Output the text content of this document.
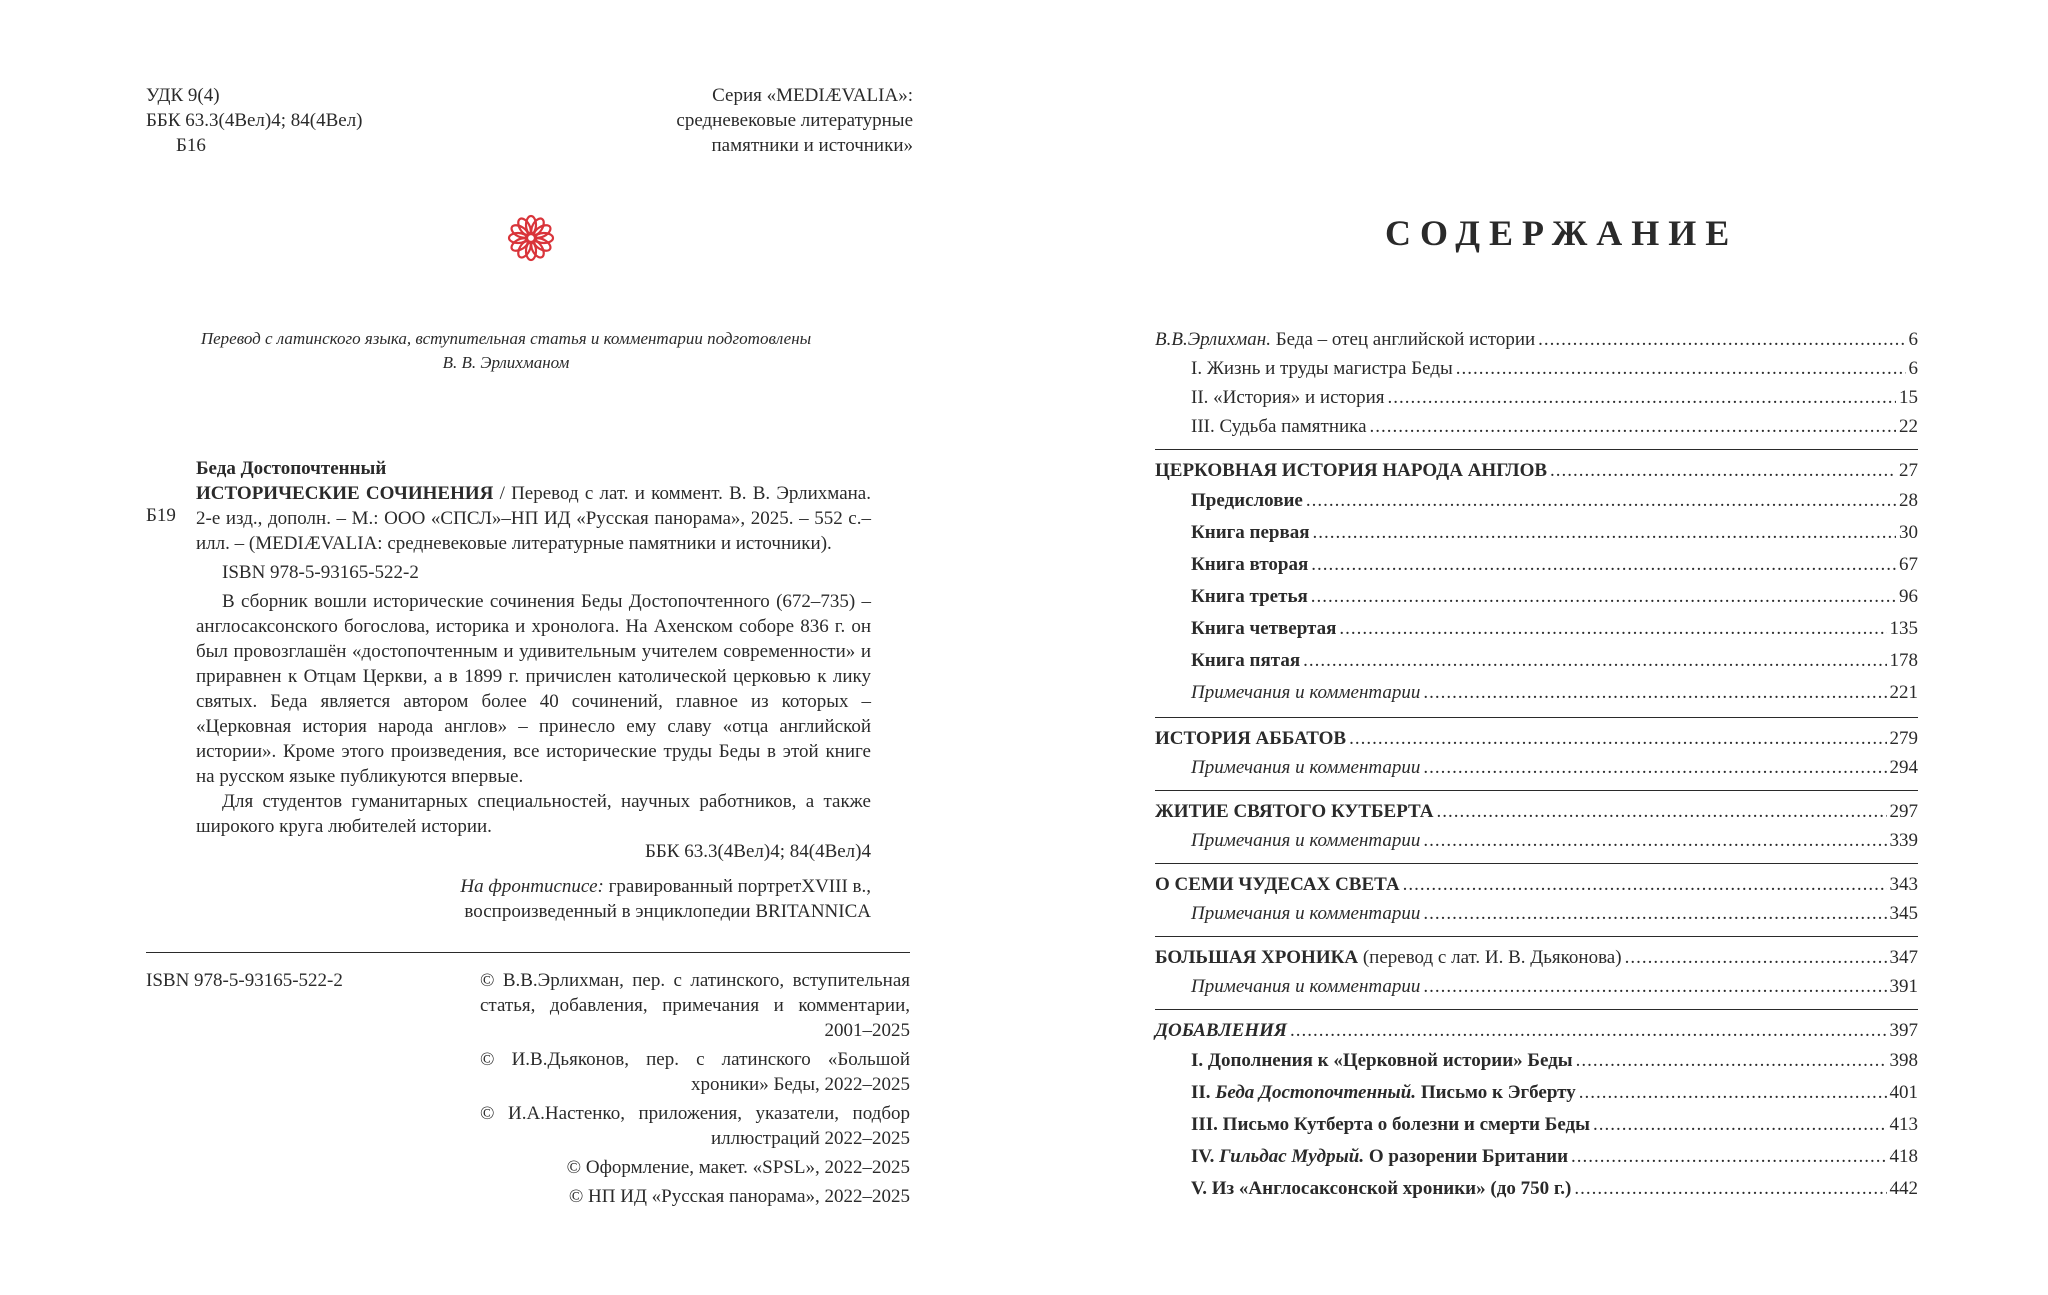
УДК 9(4)
ББК 63.3(4Вел)4; 84(4Вел)
Б16
Серия «MEDIÆVALIA»:
средневековые литературные
памятники и источники»
Перевод с латинского языка, вступительная статья и комментарии подготовлены
В. В. Эрлихманом
Б19
Беда Достопочтенный
ИСТОРИЧЕСКИЕ СОЧИНЕНИЯ / Перевод с лат. и коммент. В. В. Эрлихмана. 2-е изд., дополн. – М.: ООО «СПСЛ»–НП ИД «Русская панорама», 2025. – 552 с.– илл. – (MEDIÆVALIA: средневековые литературные памятники и источники).
ISBN 978-5-93165-522-2
В сборник вошли исторические сочинения Беды Достопочтенного (672–735) – англосаксонского богослова, историка и хронолога. На Ахенском соборе 836 г. он был провозглашён «достопочтенным и удивительным учителем современности» и приравнен к Отцам Церкви, а в 1899 г. причислен католической церковью к лику святых. Беда является автором более 40 сочинений, главное из которых – «Церковная история народа англов» – принесло ему славу «отца английской истории». Кроме этого произведения, все исторические труды Беды в этой книге на русском языке публикуются впервые.
Для студентов гуманитарных специальностей, научных работников, а также широкого круга любителей истории.
ББК 63.3(4Вел)4; 84(4Вел)4
На фронтисписе: гравированный портретXVIII в.,
воспроизведенный в энциклопедии BRITANNICA
ISBN 978-5-93165-522-2	© В.В.Эрлихман, пер. с латинского, вступительная статья, добавления, примечания и комментарии, 2001–2025
© И.В.Дьяконов, пер. с латинского «Большой хроники» Беды, 2022–2025
© И.А.Настенко, приложения, указатели, подбор иллюстраций 2022–2025
© Оформление, макет. «SPSL», 2022–2025
© НП ИД «Русская панорама», 2022–2025
СОДЕРЖАНИЕ
В.В.Эрлихман. Беда – отец английской истории .....	6
I. Жизнь и труды магистра Беды .....	6
II. «История» и история .....	15
III. Судьба памятника .....	22
ЦЕРКОВНАЯ ИСТОРИЯ НАРОДА АНГЛОВ .....	27
Предисловие .....	28
Книга первая .....	30
Книга вторая .....	67
Книга третья .....	96
Книга четвертая .....	135
Книга пятая .....	178
Примечания и комментарии .....	221
ИСТОРИЯ АББАТОВ .....	279
Примечания и комментарии .....	294
ЖИТИЕ СВЯТОГО КУТБЕРТА .....	297
Примечания и комментарии .....	339
О СЕМИ ЧУДЕСАХ СВЕТА .....	343
Примечания и комментарии .....	345
БОЛЬШАЯ ХРОНИКА (перевод с лат. И. В. Дьяконова) .....	347
Примечания и комментарии .....	391
ДОБАВЛЕНИЯ .....	397
I. Дополнения к «Церковной истории» Беды .....	398
II. Беда Достопочтенный. Письмо к Эгберту .....	401
III. Письмо Кутберта о болезни и смерти Беды .....	413
IV. Гильдас Мудрый. О разорении Британии .....	418
V. Из «Англосаксонской хроники» (до 750 г.) .....	442
